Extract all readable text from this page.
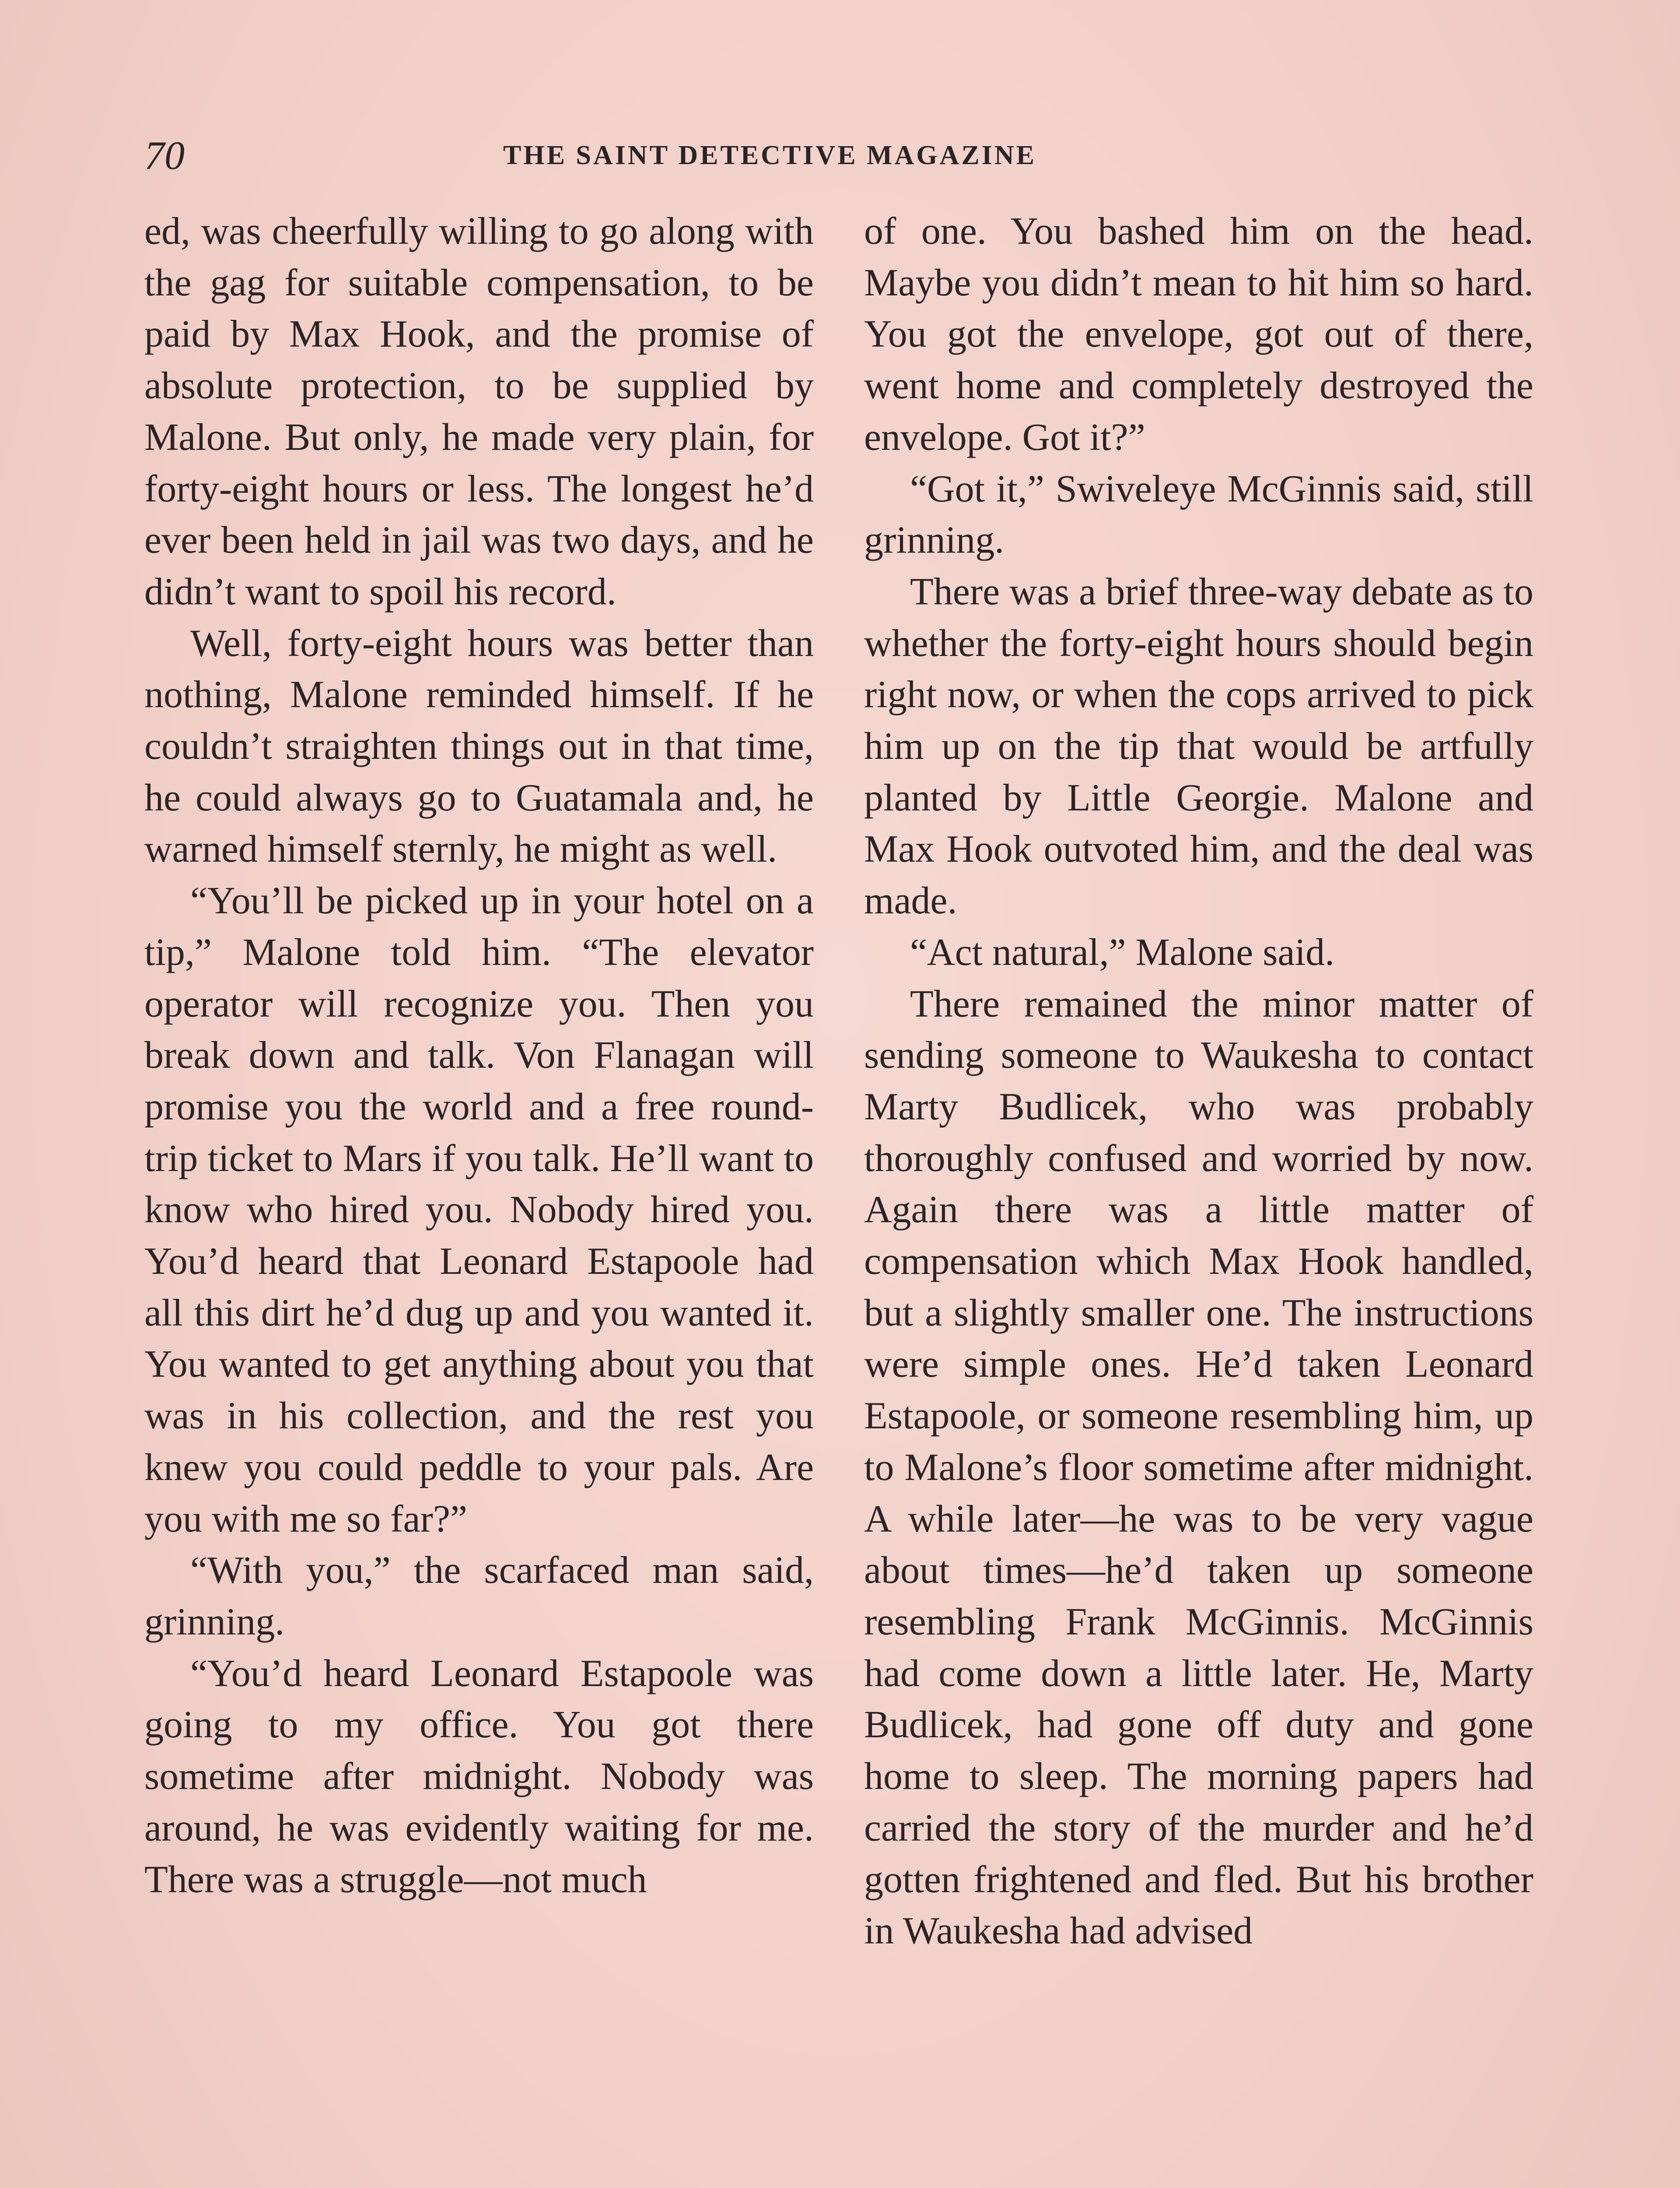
70	THE SAINT DETECTIVE MAGAZINE

ed, was cheerfully willing to go along with the gag for suitable compensation, to be paid by Max Hook, and the promise of absolute protection, to be supplied by Malone. But only, he made very plain, for forty-eight hours or less. The longest he’d ever been held in jail was two days, and he didn’t want to spoil his record.

Well, forty-eight hours was better than nothing, Malone reminded himself. If he couldn’t straighten things out in that time, he could always go to Guatamala and, he warned himself sternly, he might as well.

“You’ll be picked up in your hotel on a tip,” Malone told him. “The elevator operator will recognize you. Then you break down and talk. Von Flanagan will promise you the world and a free round-trip ticket to Mars if you talk. He’ll want to know who hired you. Nobody hired you. You’d heard that Leonard Estapoole had all this dirt he’d dug up and you wanted it. You wanted to get anything about you that was in his collection, and the rest you knew you could peddle to your pals. Are you with me so far?”

“With you,” the scarfaced man said, grinning.

“You’d heard Leonard Estapoole was going to my office. You got there sometime after midnight. Nobody was around, he was evidently waiting for me. There was a struggle—not much

of one. You bashed him on the head. Maybe you didn’t mean to hit him so hard. You got the envelope, got out of there, went home and completely destroyed the envelope. Got it?”

“Got it,” Swiveleye McGinnis said, still grinning.

There was a brief three-way debate as to whether the forty-eight hours should begin right now, or when the cops arrived to pick him up on the tip that would be artfully planted by Little Georgie. Malone and Max Hook outvoted him, and the deal was made.

“Act natural,” Malone said.

There remained the minor matter of sending someone to Waukesha to contact Marty Budlicek, who was probably thoroughly confused and worried by now. Again there was a little matter of compensation which Max Hook handled, but a slightly smaller one. The instructions were simple ones. He’d taken Leonard Estapoole, or someone resembling him, up to Malone’s floor sometime after midnight. A while later—he was to be very vague about times—he’d taken up someone resembling Frank McGinnis. McGinnis had come down a little later. He, Marty Budlicek, had gone off duty and gone home to sleep. The morning papers had carried the story of the murder and he’d gotten frightened and fled. But his brother in Waukesha had advised
